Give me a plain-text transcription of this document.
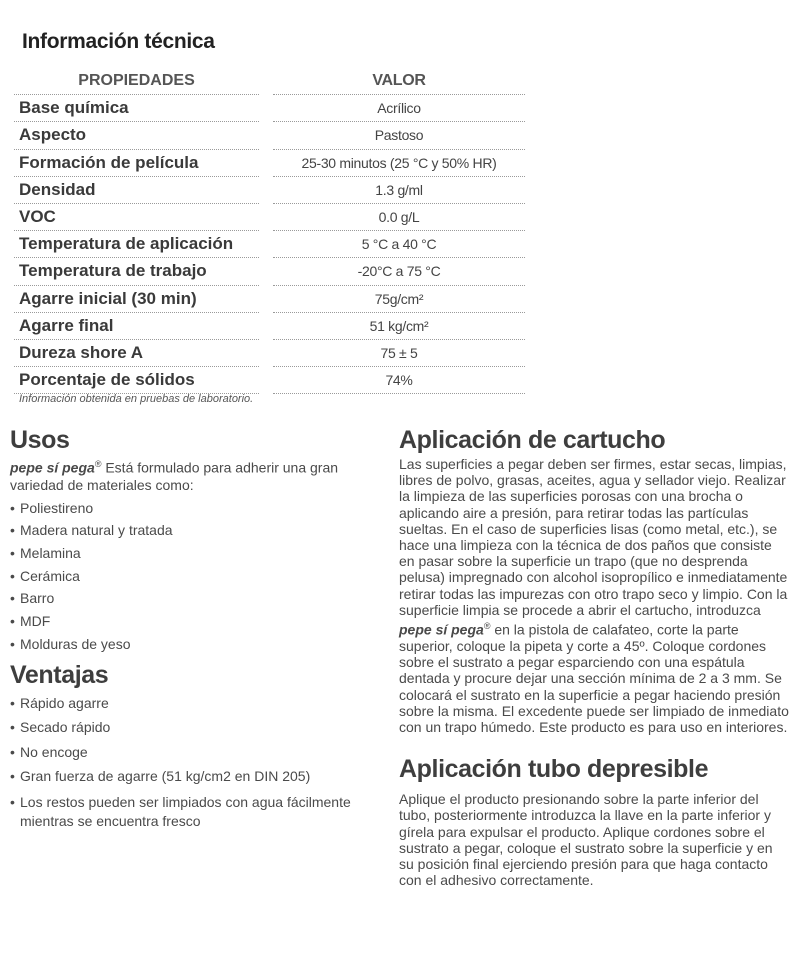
Información técnica
PROPIEDADES	VALOR
Base química	Acrílico
Aspecto	Pastoso
Formación de película	25-30 minutos (25 °C y 50% HR)
Densidad	1.3 g/ml
VOC	0.0 g/L
Temperatura de aplicación	5 °C a 40 °C
Temperatura de trabajo	-20°C a 75 °C
Agarre inicial (30 min)	75g/cm²
Agarre final	51 kg/cm²
Dureza shore A	75 ± 5
Porcentaje de sólidos	74%
Información obtenida en pruebas de laboratorio.
Usos

pepe sí pega® Está formulado para adherir una gran variedad de materiales como:

• Poliestireno
• Madera natural y tratada
• Melamina
• Cerámica
• Barro
• MDF
• Molduras de yeso
Ventajas
• Rápido agarre
• Secado rápido
• No encoge
• Gran fuerza de agarre (51 kg/cm2 en DIN 205)
• Los restos pueden ser limpiados con agua fácilmente mientras se encuentra fresco
Aplicación de cartucho

Las superficies a pegar deben ser firmes, estar secas, limpias, libres de polvo, grasas, aceites, agua y sellador viejo. Realizar la limpieza de las superficies porosas con una brocha o aplicando aire a presión, para retirar todas las partículas sueltas. En el caso de superficies lisas (como metal, etc.), se hace una limpieza con la técnica de dos paños que consiste en pasar sobre la superficie un trapo (que no desprenda pelusa) impregnado con alcohol isopropílico e inmediatamente retirar todas las impurezas con otro trapo seco y limpio. Con la superficie limpia se procede a abrir el cartucho, introduzca pepe sí pega® en la pistola de calafateo, corte la parte superior, coloque la pipeta y corte a 45º. Coloque cordones sobre el sustrato a pegar esparciendo con una espátula dentada y procure dejar una sección mínima de 2 a 3 mm. Se colocará el sustrato en la superficie a pegar haciendo presión sobre la misma. El excedente puede ser limpiado de inmediato con un trapo húmedo. Este producto es para uso en interiores.

Aplicación tubo depresible

Aplique el producto presionando sobre la parte inferior del tubo, posteriormente introduzca la llave en la parte inferior y gírela para expulsar el producto. Aplique cordones sobre el sustrato a pegar, coloque el sustrato sobre la superficie y en su posición final ejerciendo presión para que haga contacto con el adhesivo correctamente.
